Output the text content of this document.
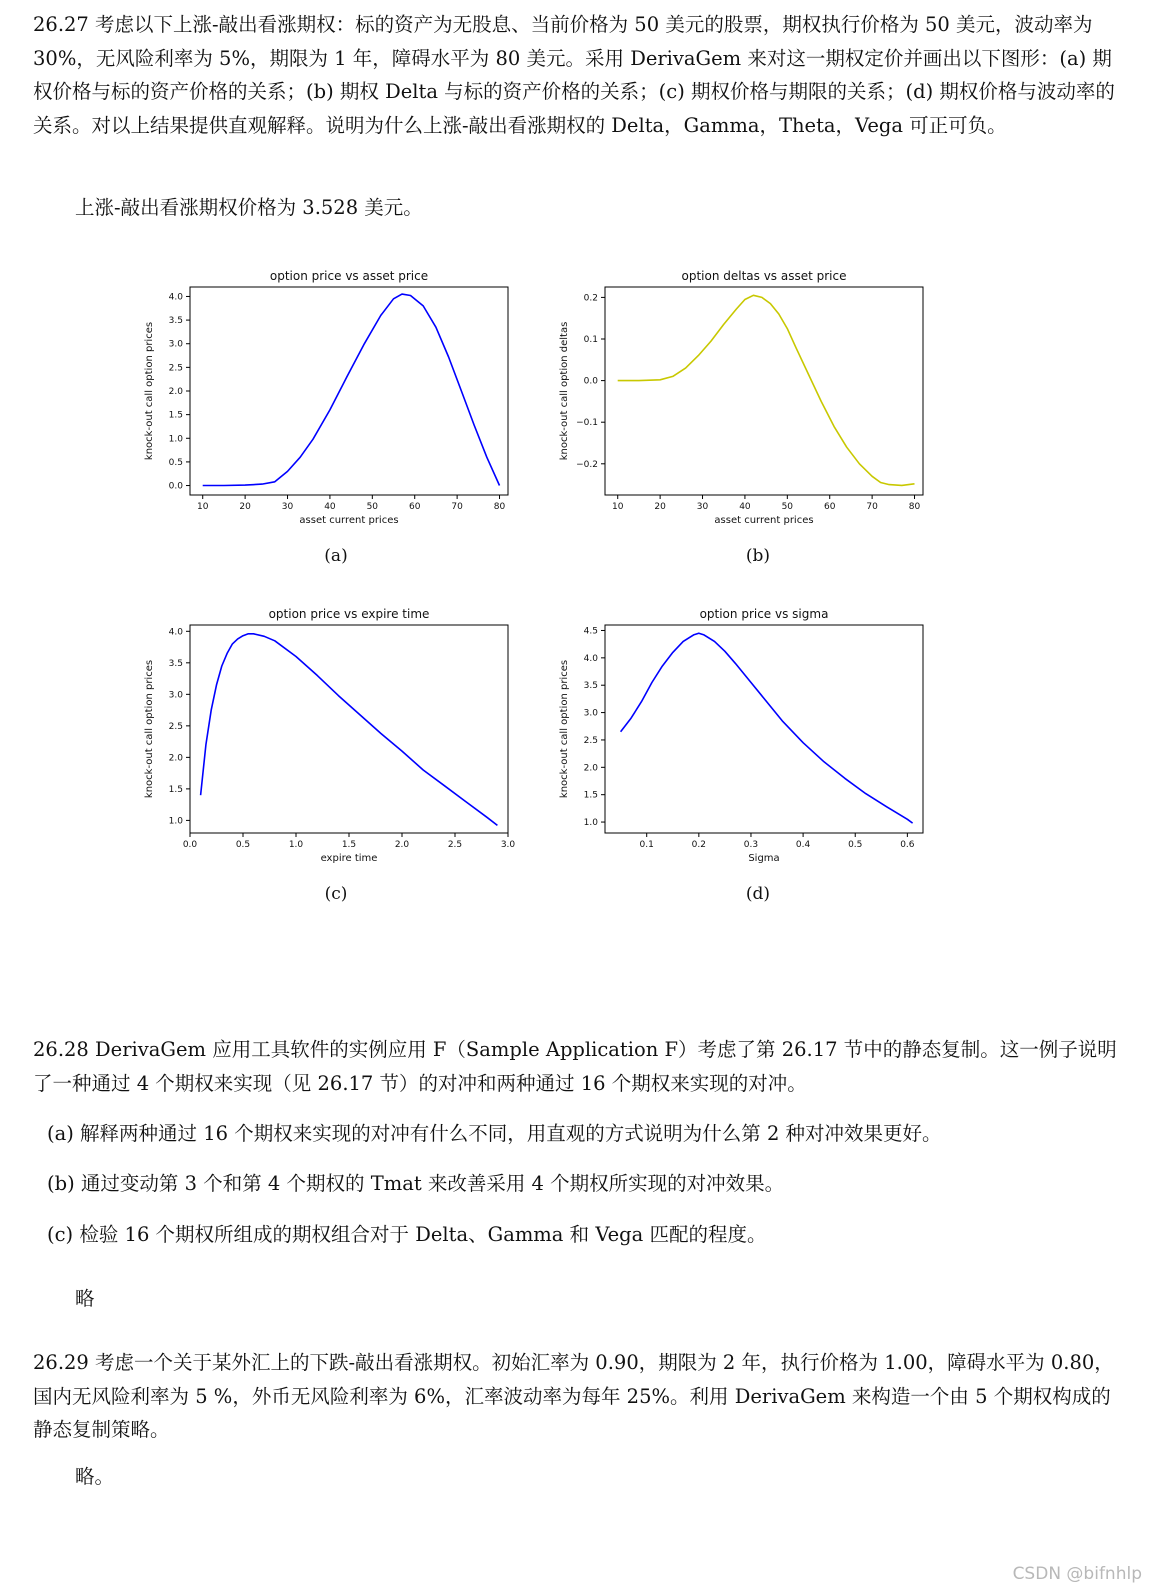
26.27 考虑以下上涨-敲出看涨期权：标的资产为无股息、当前价格为 50 美元的股票，期权执行价格为 50 美元，波动率为 30%，无风险利率为 5%，期限为 1 年，障碍水平为 80 美元。采用 DerivaGem 来对这一期权定价并画出以下图形：(a) 期权价格与标的资产价格的关系；(b) 期权 Delta 与标的资产价格的关系；(c) 期权价格与期限的关系；(d) 期权价格与波动率的关系。对以上结果提供直观解释。说明为什么上涨-敲出看涨期权的 Delta，Gamma，Theta，Vega 可正可负。
上涨-敲出看涨期权价格为 3.528 美元。
option price vs asset price
10	20	30	40	50	60	70	80
0.0
0.5
1.0
1.5
2.0
2.5
3.0
3.5
4.0
asset current prices
knock-out call option prices
(a)
option deltas vs asset price
10	20	30	40	50	60	70	80
−0.2
−0.1
0.0
0.1
0.2
asset current prices
knock-out call option deltas
(b)
option price vs expire time
0.0	0.5	1.0	1.5	2.0	2.5	3.0
1.0
1.5
2.0
2.5
3.0
3.5
4.0
expire time
knock-out call option prices
(c)
option price vs sigma
0.1	0.2	0.3	0.4	0.5	0.6
1.0
1.5
2.0
2.5
3.0
3.5
4.0
4.5
Sigma
knock-out call option prices
(d)
26.28 DerivaGem 应用工具软件的实例应用 F（Sample Application F）考虑了第 26.17 节中的静态复制。这一例子说明了一种通过 4 个期权来实现（见 26.17 节）的对冲和两种通过 16 个期权来实现的对冲。
(a) 解释两种通过 16 个期权来实现的对冲有什么不同，用直观的方式说明为什么第 2 种对冲效果更好。
(b) 通过变动第 3 个和第 4 个期权的 Tmat 来改善采用 4 个期权所实现的对冲效果。
(c) 检验 16 个期权所组成的期权组合对于 Delta、Gamma 和 Vega 匹配的程度。
略
26.29 考虑一个关于某外汇上的下跌-敲出看涨期权。初始汇率为 0.90，期限为 2 年，执行价格为 1.00，障碍水平为 0.80，国内无风险利率为 5 %，外币无风险利率为 6%，汇率波动率为每年 25%。利用 DerivaGem 来构造一个由 5 个期权构成的静态复制策略。
略。
CSDN @bifnhlp
